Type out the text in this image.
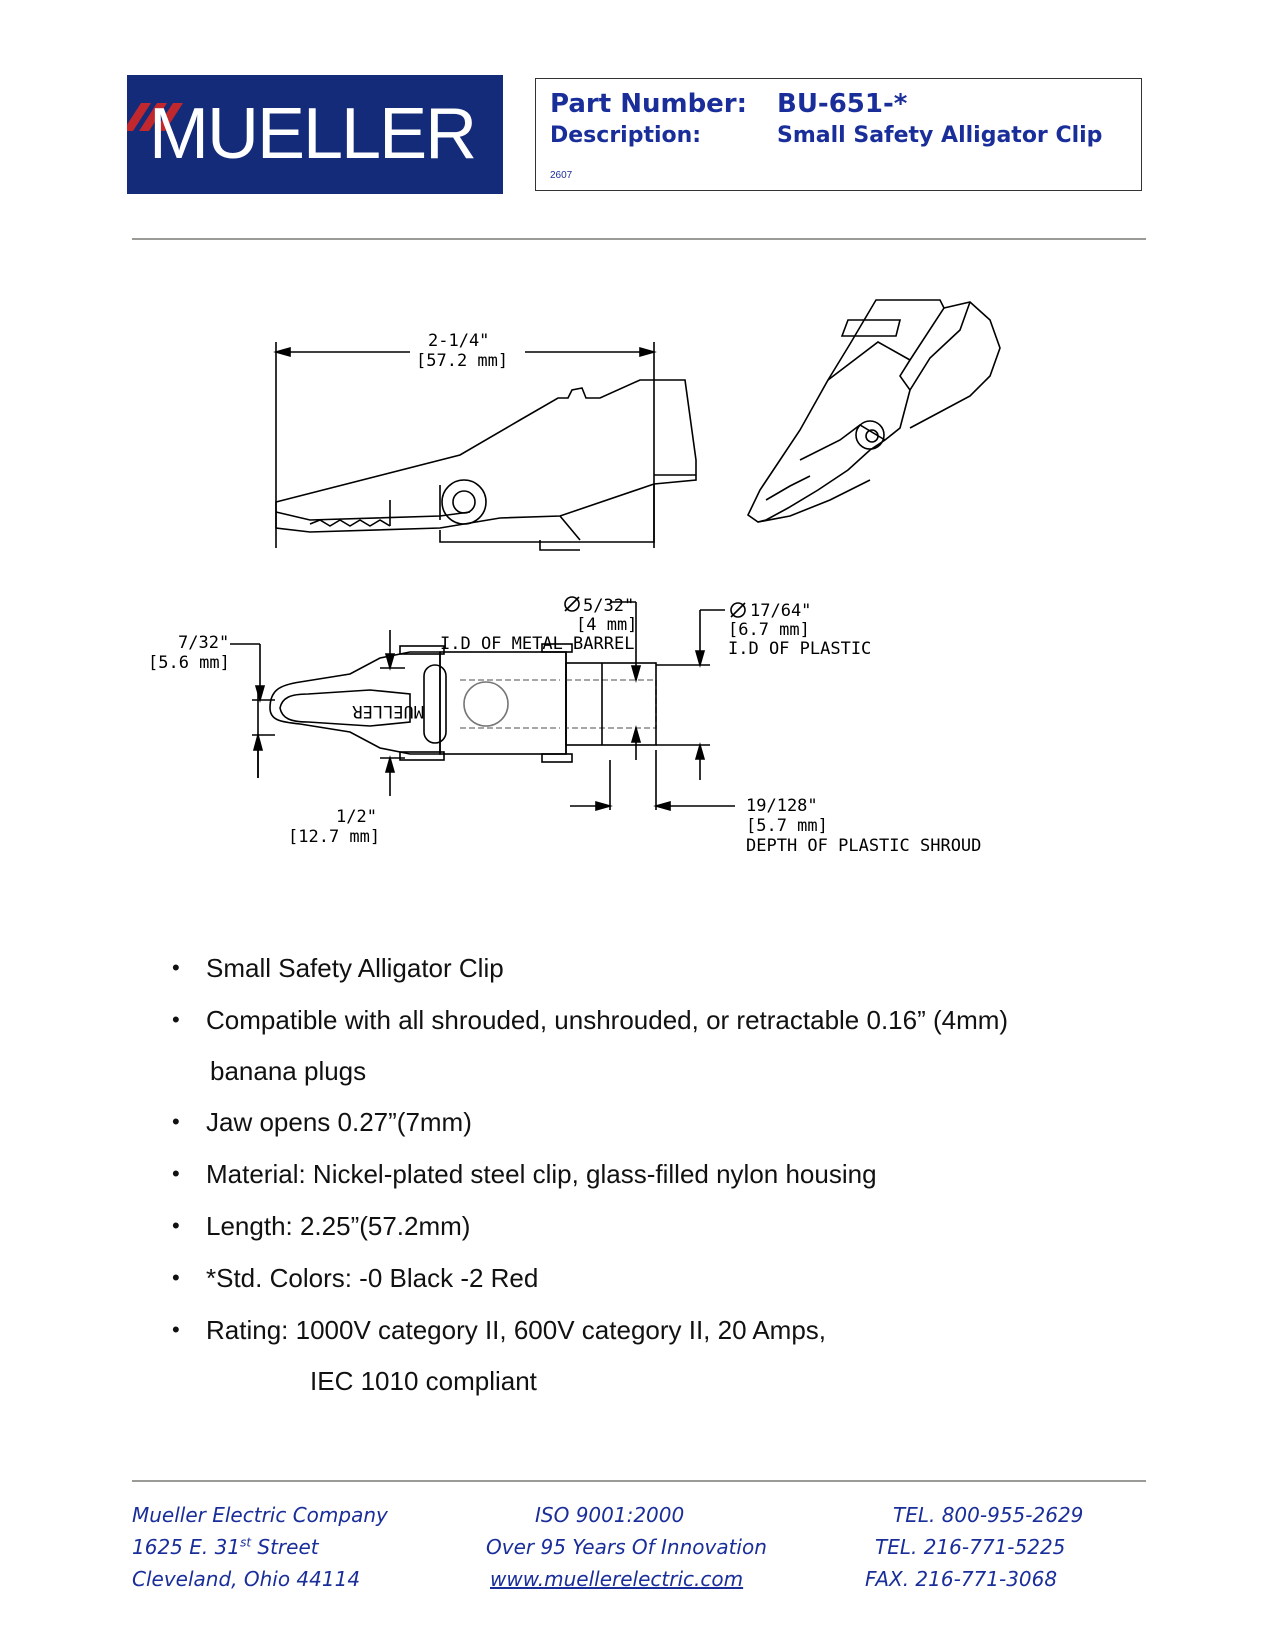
MUELLER	Part Number: BU-651-*
Description:	Small Safety Alligator Clip
2607
MUELLER
2-1/4"
[57.2 mm]
5/32"
[4 mm]
I.D OF METAL BARREL
17/64"
[6.7 mm]
I.D OF PLASTIC
7/32"
[5.6 mm]
1/2"
[12.7 mm]
19/128"
[5.7 mm]
DEPTH OF PLASTIC SHROUD
• Small Safety Alligator Clip
• Compatible with all shrouded, unshrouded, or retractable 0.16” (4mm)
banana plugs
• Jaw opens 0.27”(7mm)
• Material: Nickel-plated steel clip, glass-filled nylon housing
• Length: 2.25”(57.2mm)
• *Std. Colors: -0 Black -2 Red
• Rating: 1000V category II, 600V category II, 20 Amps,
IEC 1010 compliant
Mueller Electric Company
1625 E. 31st Street
Cleveland, Ohio 44114
ISO 9001:2000
Over 95 Years Of Innovation
www.muellerelectric.com
TEL. 800-955-2629
TEL. 216-771-5225
FAX. 216-771-3068
